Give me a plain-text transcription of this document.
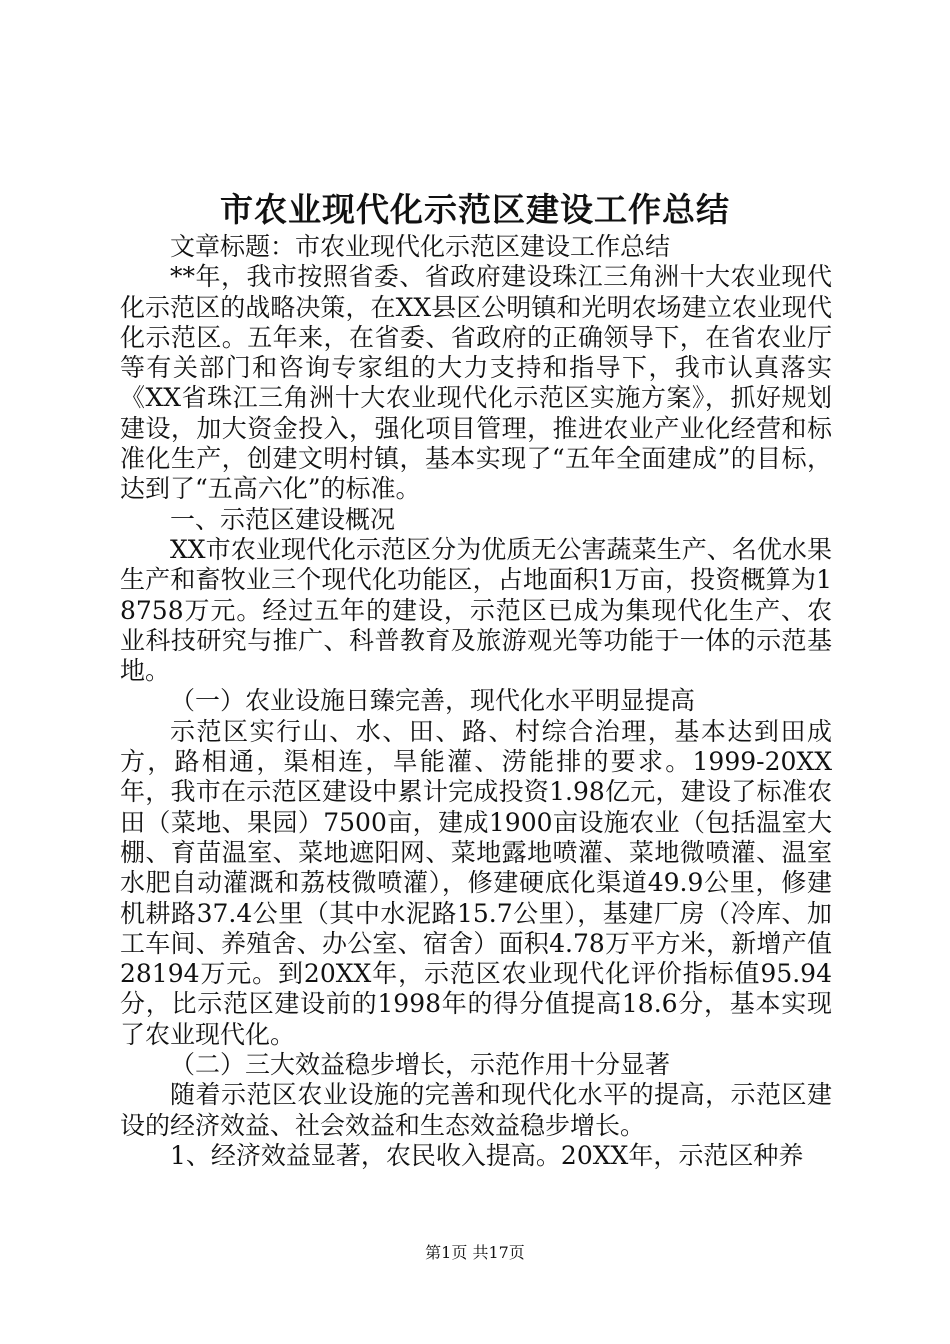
市农业现代化示范区建设工作总结

文章标题：市农业现代化示范区建设工作总结

**年，我市按照省委、省政府建设珠江三角洲十大农业现代化示范区的战略决策，在XX县区公明镇和光明农场建立农业现代化示范区。五年来，在省委、省政府的正确领导下，在省农业厅等有关部门和咨询专家组的大力支持和指导下，我市认真落实《XX省珠江三角洲十大农业现代化示范区实施方案》，抓好规划建设，加大资金投入，强化项目管理，推进农业产业化经营和标准化生产，创建文明村镇，基本实现了“五年全面建成”的目标，达到了“五高六化”的标准。

一、示范区建设概况

XX市农业现代化示范区分为优质无公害蔬菜生产、名优水果生产和畜牧业三个现代化功能区，占地面积1万亩，投资概算为18758万元。经过五年的建设，示范区已成为集现代化生产、农业科技研究与推广、科普教育及旅游观光等功能于一体的示范基地。

（一）农业设施日臻完善，现代化水平明显提高

示范区实行山、水、田、路、村综合治理，基本达到田成方，路相通，渠相连，旱能灌、涝能排的要求。1999-20XX年，我市在示范区建设中累计完成投资1.98亿元，建设了标准农田（菜地、果园）7500亩，建成1900亩设施农业（包括温室大棚、育苗温室、菜地遮阳网、菜地露地喷灌、菜地微喷灌、温室水肥自动灌溉和荔枝微喷灌），修建硬底化渠道49.9公里，修建机耕路37.4公里（其中水泥路15.7公里），基建厂房（冷库、加工车间、养殖舍、办公室、宿舍）面积4.78万平方米，新增产值28194万元。到20XX年，示范区农业现代化评价指标值95.94分，比示范区建设前的1998年的得分值提高18.6分，基本实现了农业现代化。

（二）三大效益稳步增长，示范作用十分显著

随着示范区农业设施的完善和现代化水平的提高，示范区建设的经济效益、社会效益和生态效益稳步增长。

1、经济效益显著，农民收入提高。20XX年，示范区种养

第1页 共17页
